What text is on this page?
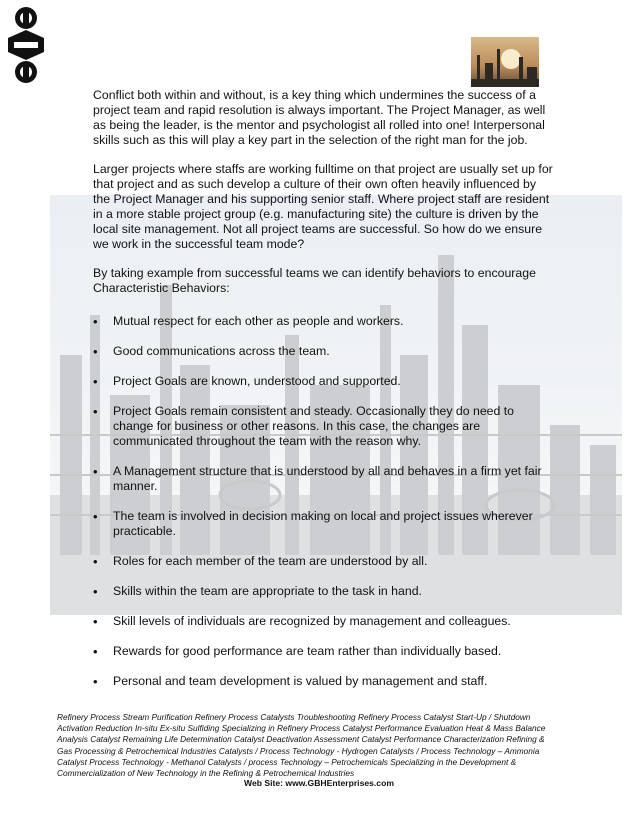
Conflict both within and without, is a key thing which undermines the success of a project team and rapid resolution is always important. The Project Manager, as well as being the leader, is the mentor and psychologist all rolled into one! Interpersonal skills such as this will play a key part in the selection of the right man for the job.

Larger projects where staffs are working fulltime on that project are usually set up for that project and as such develop a culture of their own often heavily influenced by the Project Manager and his supporting senior staff. Where project staff are resident in a more stable project group (e.g. manufacturing site) the culture is driven by the local site management. Not all project teams are successful. So how do we ensure we work in the successful team mode?

By taking example from successful teams we can identify behaviors to encourage Characteristic Behaviors:

• Mutual respect for each other as people and workers.
• Good communications across the team.
• Project Goals are known, understood and supported.
• Project Goals remain consistent and steady. Occasionally they do need to change for business or other reasons. In this case, the changes are communicated throughout the team with the reason why.
• A Management structure that is understood by all and behaves in a firm yet fair manner.
• The team is involved in decision making on local and project issues wherever practicable.
• Roles for each member of the team are understood by all.
• Skills within the team are appropriate to the task in hand.
• Skill levels of individuals are recognized by management and colleagues.
• Rewards for good performance are team rather than individually based.
• Personal and team development is valued by management and staff.
Refinery Process Stream Purification Refinery Process Catalysts Troubleshooting Refinery Process Catalyst Start-Up / Shutdown Activation Reduction In-situ Ex-situ Sulfiding Specializing in Refinery Process Catalyst Performance Evaluation Heat & Mass Balance Analysis Catalyst Remaining Life Determination Catalyst Deactivation Assessment Catalyst Performance Characterization Refining & Gas Processing & Petrochemical Industries Catalysts / Process Technology - Hydrogen Catalysts / Process Technology – Ammonia Catalyst Process Technology - Methanol Catalysts / process Technology – Petrochemicals Specializing in the Development & Commercialization of New Technology in the Refining & Petrochemical Industries
Web Site: www.GBHEnterprises.com
